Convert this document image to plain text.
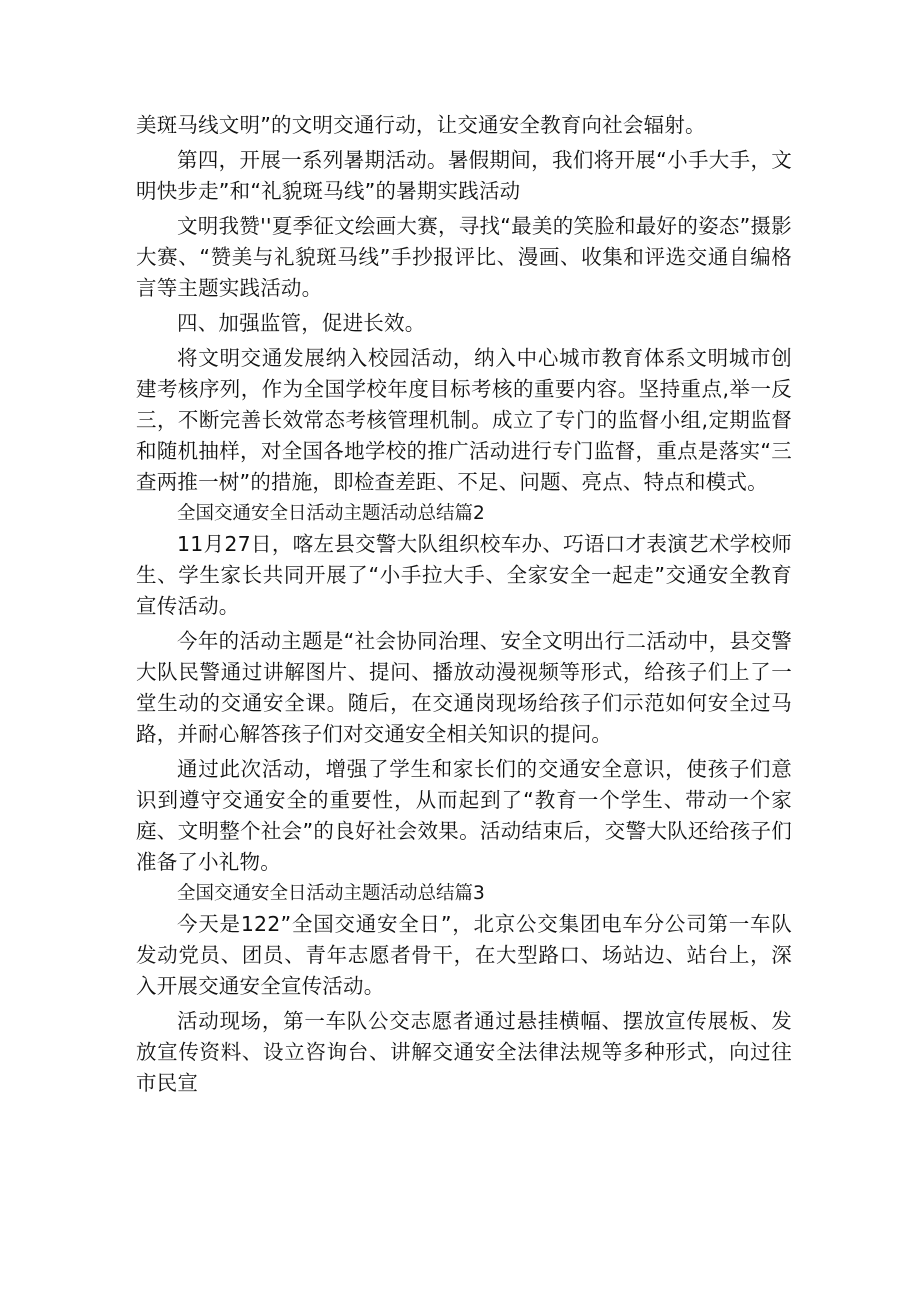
美斑马线文明”的文明交通行动，让交通安全教育向社会辐射。

第四，开展一系列暑期活动。暑假期间，我们将开展“小手大手，文明快步走”和“礼貌斑马线”的暑期实践活动

文明我赞''夏季征文绘画大赛，寻找“最美的笑脸和最好的姿态”摄影大赛、“赞美与礼貌斑马线”手抄报评比、漫画、收集和评选交通自编格言等主题实践活动。

四、加强监管，促进长效。

将文明交通发展纳入校园活动，纳入中心城市教育体系文明城市创建考核序列，作为全国学校年度目标考核的重要内容。坚持重点,举一反三，不断完善长效常态考核管理机制。成立了专门的监督小组,定期监督和随机抽样，对全国各地学校的推广活动进行专门监督，重点是落实“三查两推一树”的措施，即检查差距、不足、问题、亮点、特点和模式。

全国交通安全日活动主题活动总结篇2

11月27日，喀左县交警大队组织校车办、巧语口才表演艺术学校师生、学生家长共同开展了“小手拉大手、全家安全一起走”交通安全教育宣传活动。

今年的活动主题是“社会协同治理、安全文明出行二活动中，县交警大队民警通过讲解图片、提问、播放动漫视频等形式，给孩子们上了一堂生动的交通安全课。随后，在交通岗现场给孩子们示范如何安全过马路，并耐心解答孩子们对交通安全相关知识的提问。

通过此次活动，增强了学生和家长们的交通安全意识，使孩子们意识到遵守交通安全的重要性，从而起到了“教育一个学生、带动一个家庭、文明整个社会”的良好社会效果。活动结束后，交警大队还给孩子们准备了小礼物。

全国交通安全日活动主题活动总结篇3

今天是122”全国交通安全日”，北京公交集团电车分公司第一车队发动党员、团员、青年志愿者骨干，在大型路口、场站边、站台上，深入开展交通安全宣传活动。

活动现场，第一车队公交志愿者通过悬挂横幅、摆放宣传展板、发放宣传资料、设立咨询台、讲解交通安全法律法规等多种形式，向过往市民宣
